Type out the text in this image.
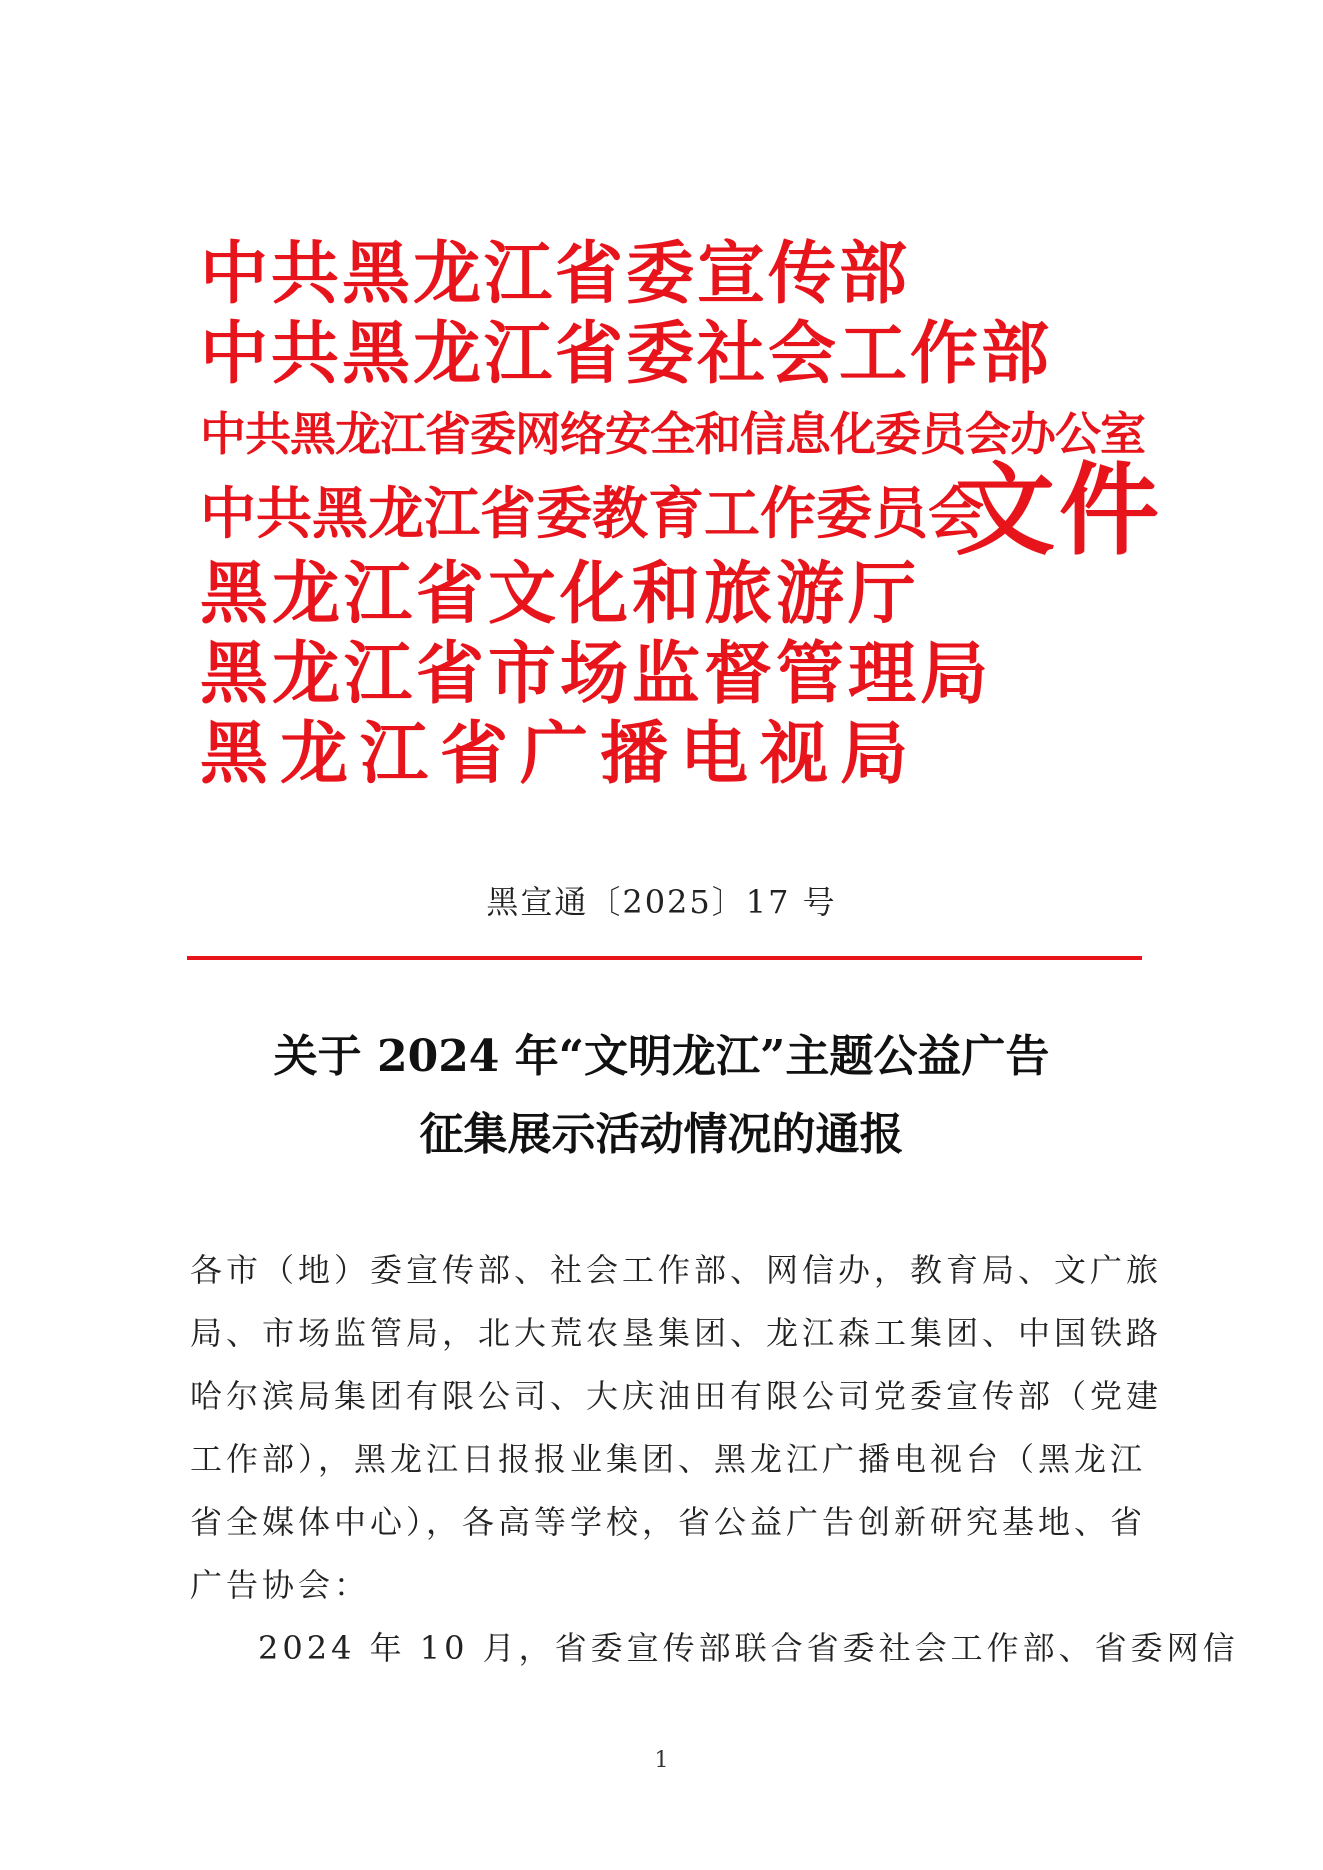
中共黑龙江省委宣传部
中共黑龙江省委社会工作部
中共黑龙江省委网络安全和信息化委员会办公室
中共黑龙江省委教育工作委员会
黑龙江省文化和旅游厅
黑龙江省市场监督管理局
黑龙江省广播电视局
文件
黑宣通〔2025〕17 号
关于 2024 年“文明龙江”主题公益广告
征集展示活动情况的通报
各市（地）委宣传部、社会工作部、网信办，教育局、文广旅
局、市场监管局，北大荒农垦集团、龙江森工集团、中国铁路
哈尔滨局集团有限公司、大庆油田有限公司党委宣传部（党建
工作部），黑龙江日报报业集团、黑龙江广播电视台（黑龙江
省全媒体中心），各高等学校，省公益广告创新研究基地、省
广告协会：
2024 年 10 月，省委宣传部联合省委社会工作部、省委网信
1
